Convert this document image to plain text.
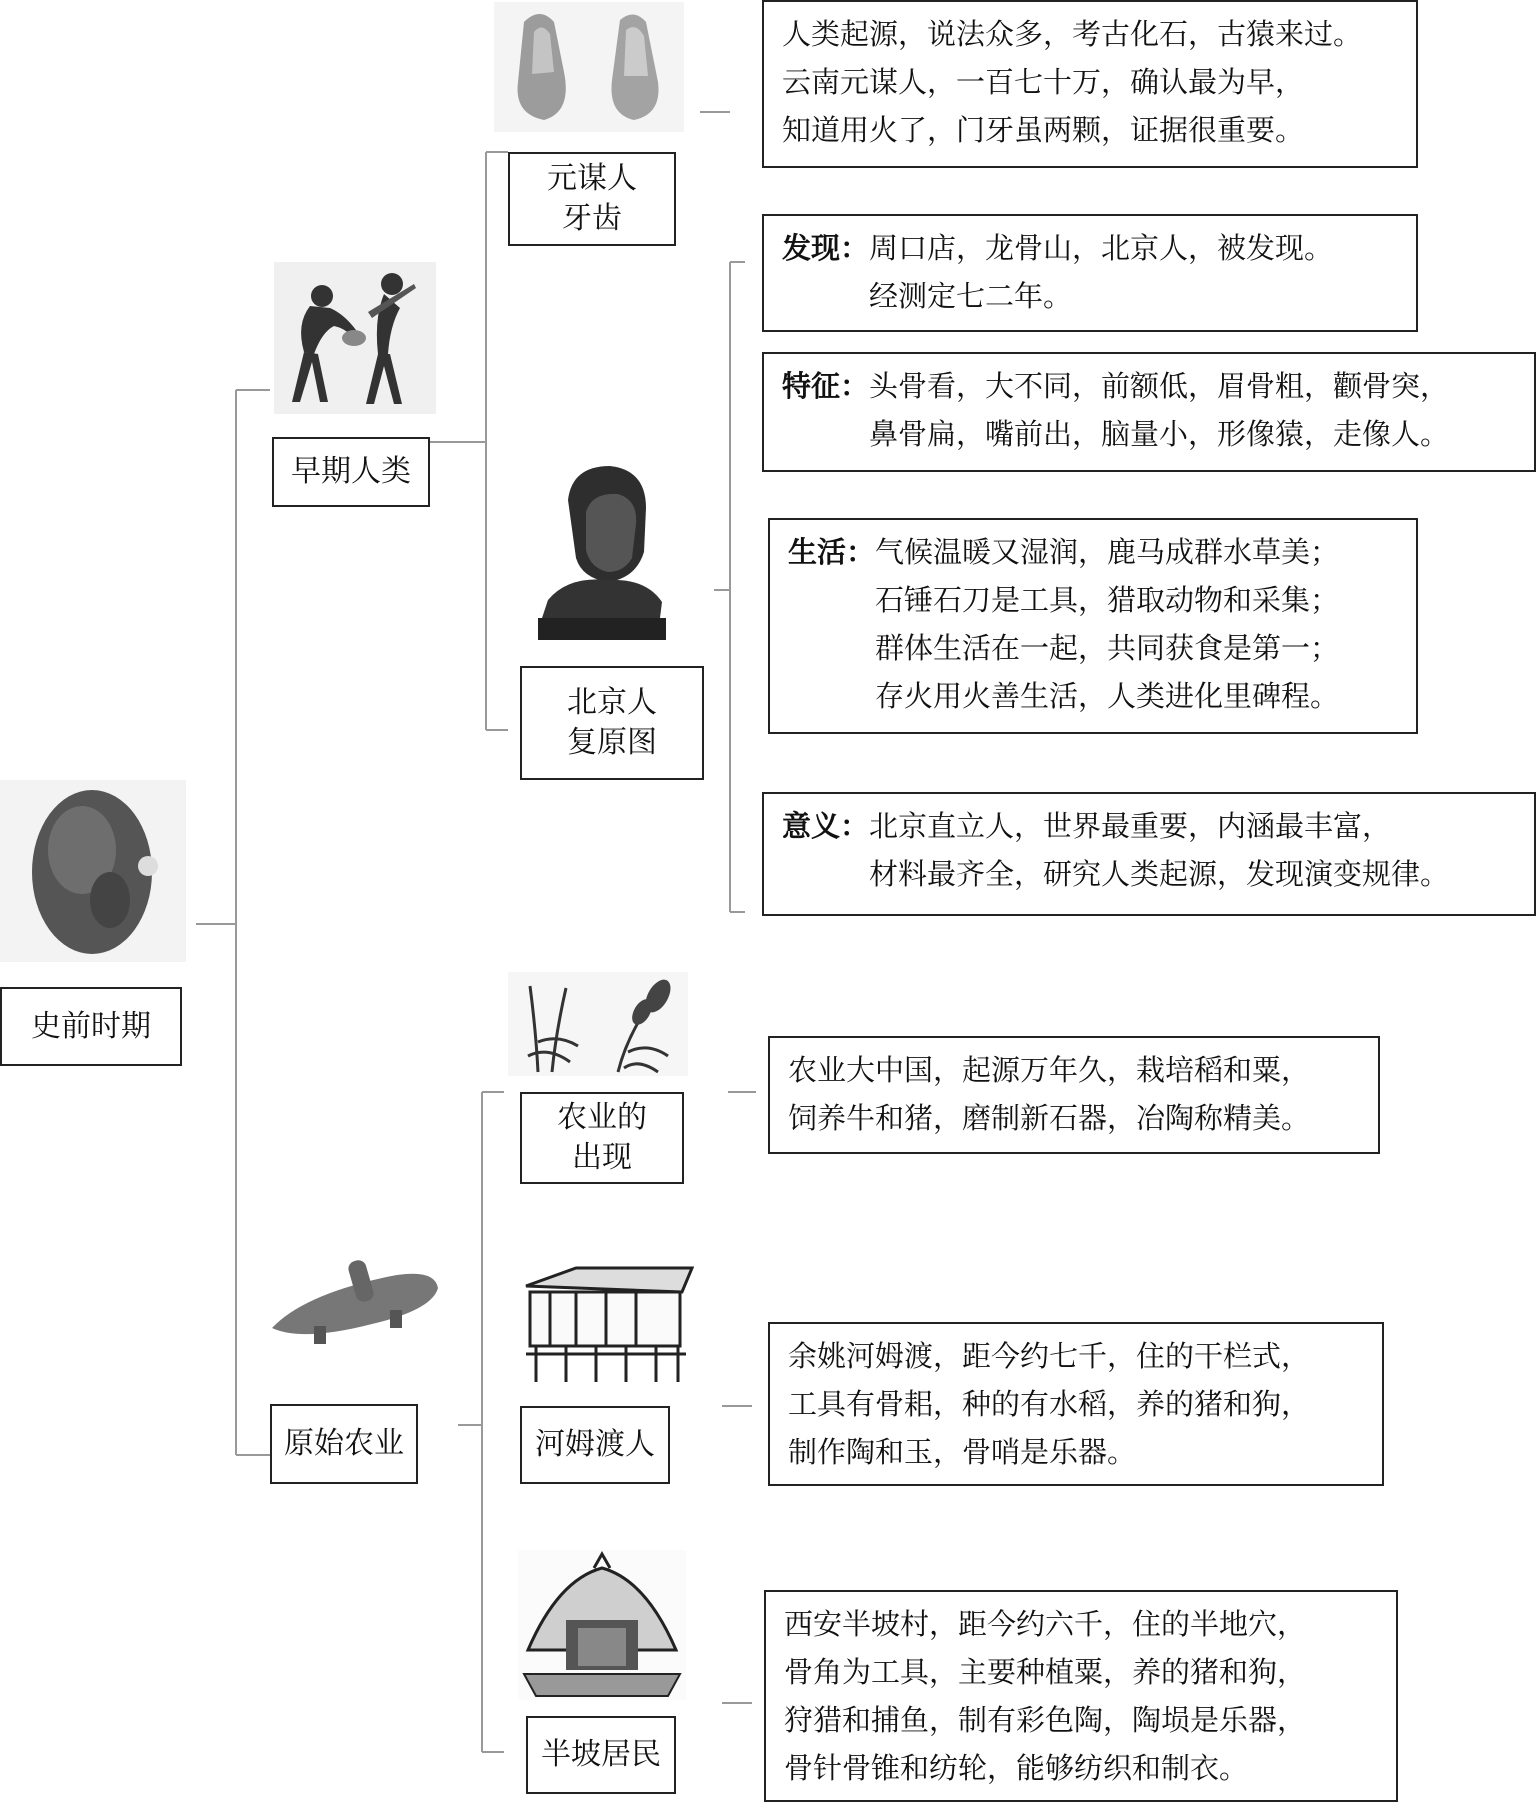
史前时期
早期人类
元谋人
牙齿
北京人
复原图
原始农业
农业的
出现
河姆渡人
半坡居民
人类起源，说法众多，考古化石，古猿来过。
云南元谋人，一百七十万，确认最为早，
知道用火了，门牙虽两颗，证据很重要。
发现： 周口店，龙骨山，北京人，被发现。
经测定七二年。
特征： 头骨看，大不同，前额低，眉骨粗，颧骨突，
鼻骨扁，嘴前出，脑量小，形像猿，走像人。
生活： 气候温暖又湿润，鹿马成群水草美；
石锤石刀是工具，猎取动物和采集；
群体生活在一起，共同获食是第一；
存火用火善生活，人类进化里碑程。
意义： 北京直立人，世界最重要，内涵最丰富，
材料最齐全，研究人类起源，发现演变规律。
农业大中国，起源万年久，栽培稻和粟，
饲养牛和猪，磨制新石器，冶陶称精美。
余姚河姆渡，距今约七千，住的干栏式，
工具有骨耜，种的有水稻，养的猪和狗，
制作陶和玉，骨哨是乐器。
西安半坡村，距今约六千，住的半地穴，
骨角为工具，主要种植粟，养的猪和狗，
狩猎和捕鱼，制有彩色陶，陶埙是乐器，
骨针骨锥和纺轮，能够纺织和制衣。
